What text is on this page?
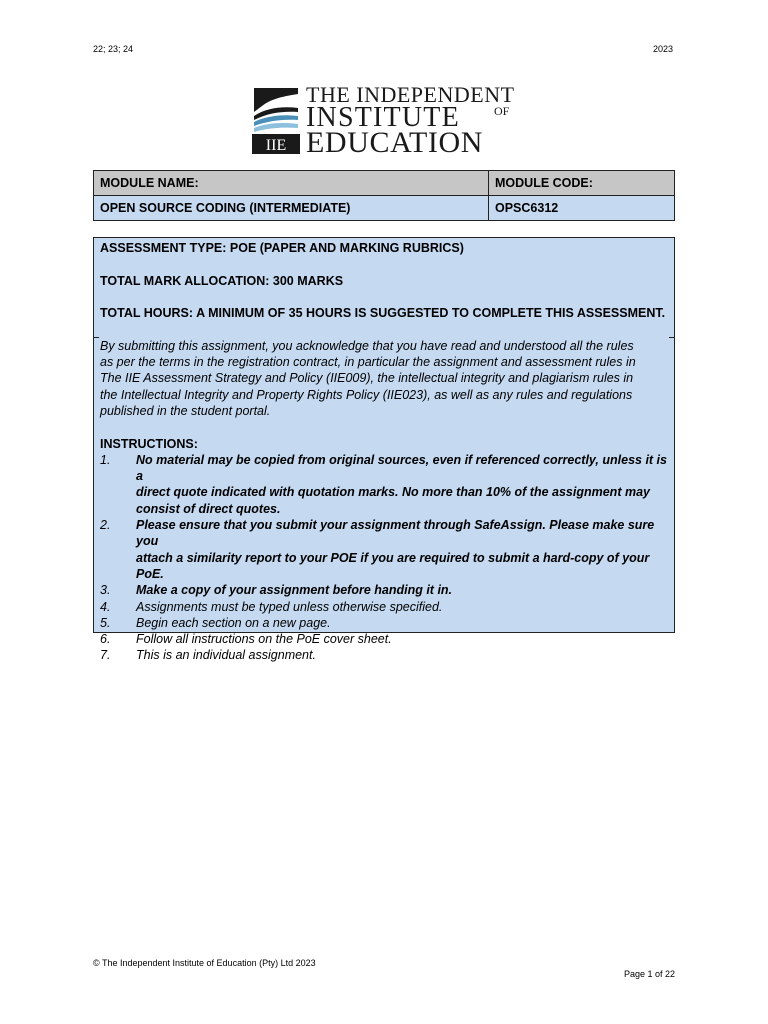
22; 23; 24	2023
IIE
THE INDEPENDENT
INSTITUTE	OF
EDUCATION
MODULE NAME:	MODULE CODE:
OPEN SOURCE CODING (INTERMEDIATE)	OPSC6312

ASSESSMENT TYPE: POE (PAPER AND MARKING RUBRICS)

TOTAL MARK ALLOCATION: 300 MARKS

TOTAL HOURS: A MINIMUM OF 35 HOURS IS SUGGESTED TO COMPLETE THIS ASSESSMENT.

By submitting this assignment, you acknowledge that you have read and understood all the rules

as per the terms in the registration contract, in particular the assignment and assessment rules in

The IIE Assessment Strategy and Policy (IIE009), the intellectual integrity and plagiarism rules in

the Intellectual Integrity and Property Rights Policy (IIE023), as well as any rules and regulations

published in the student portal.

INSTRUCTIONS:
1.	No material may be copied from original sources, even if referenced correctly, unless it is a
direct quote indicated with quotation marks. No more than 10% of the assignment may
consist of direct quotes.
2.	Please ensure that you submit your assignment through SafeAssign. Please make sure you
attach a similarity report to your POE if you are required to submit a hard-copy of your
PoE.
3.	Make a copy of your assignment before handing it in.
4.	Assignments must be typed unless otherwise specified.
5.	Begin each section on a new page.
6.	Follow all instructions on the PoE cover sheet.
7.	This is an individual assignment.
© The Independent Institute of Education (Pty) Ltd 2023
Page 1 of 22
